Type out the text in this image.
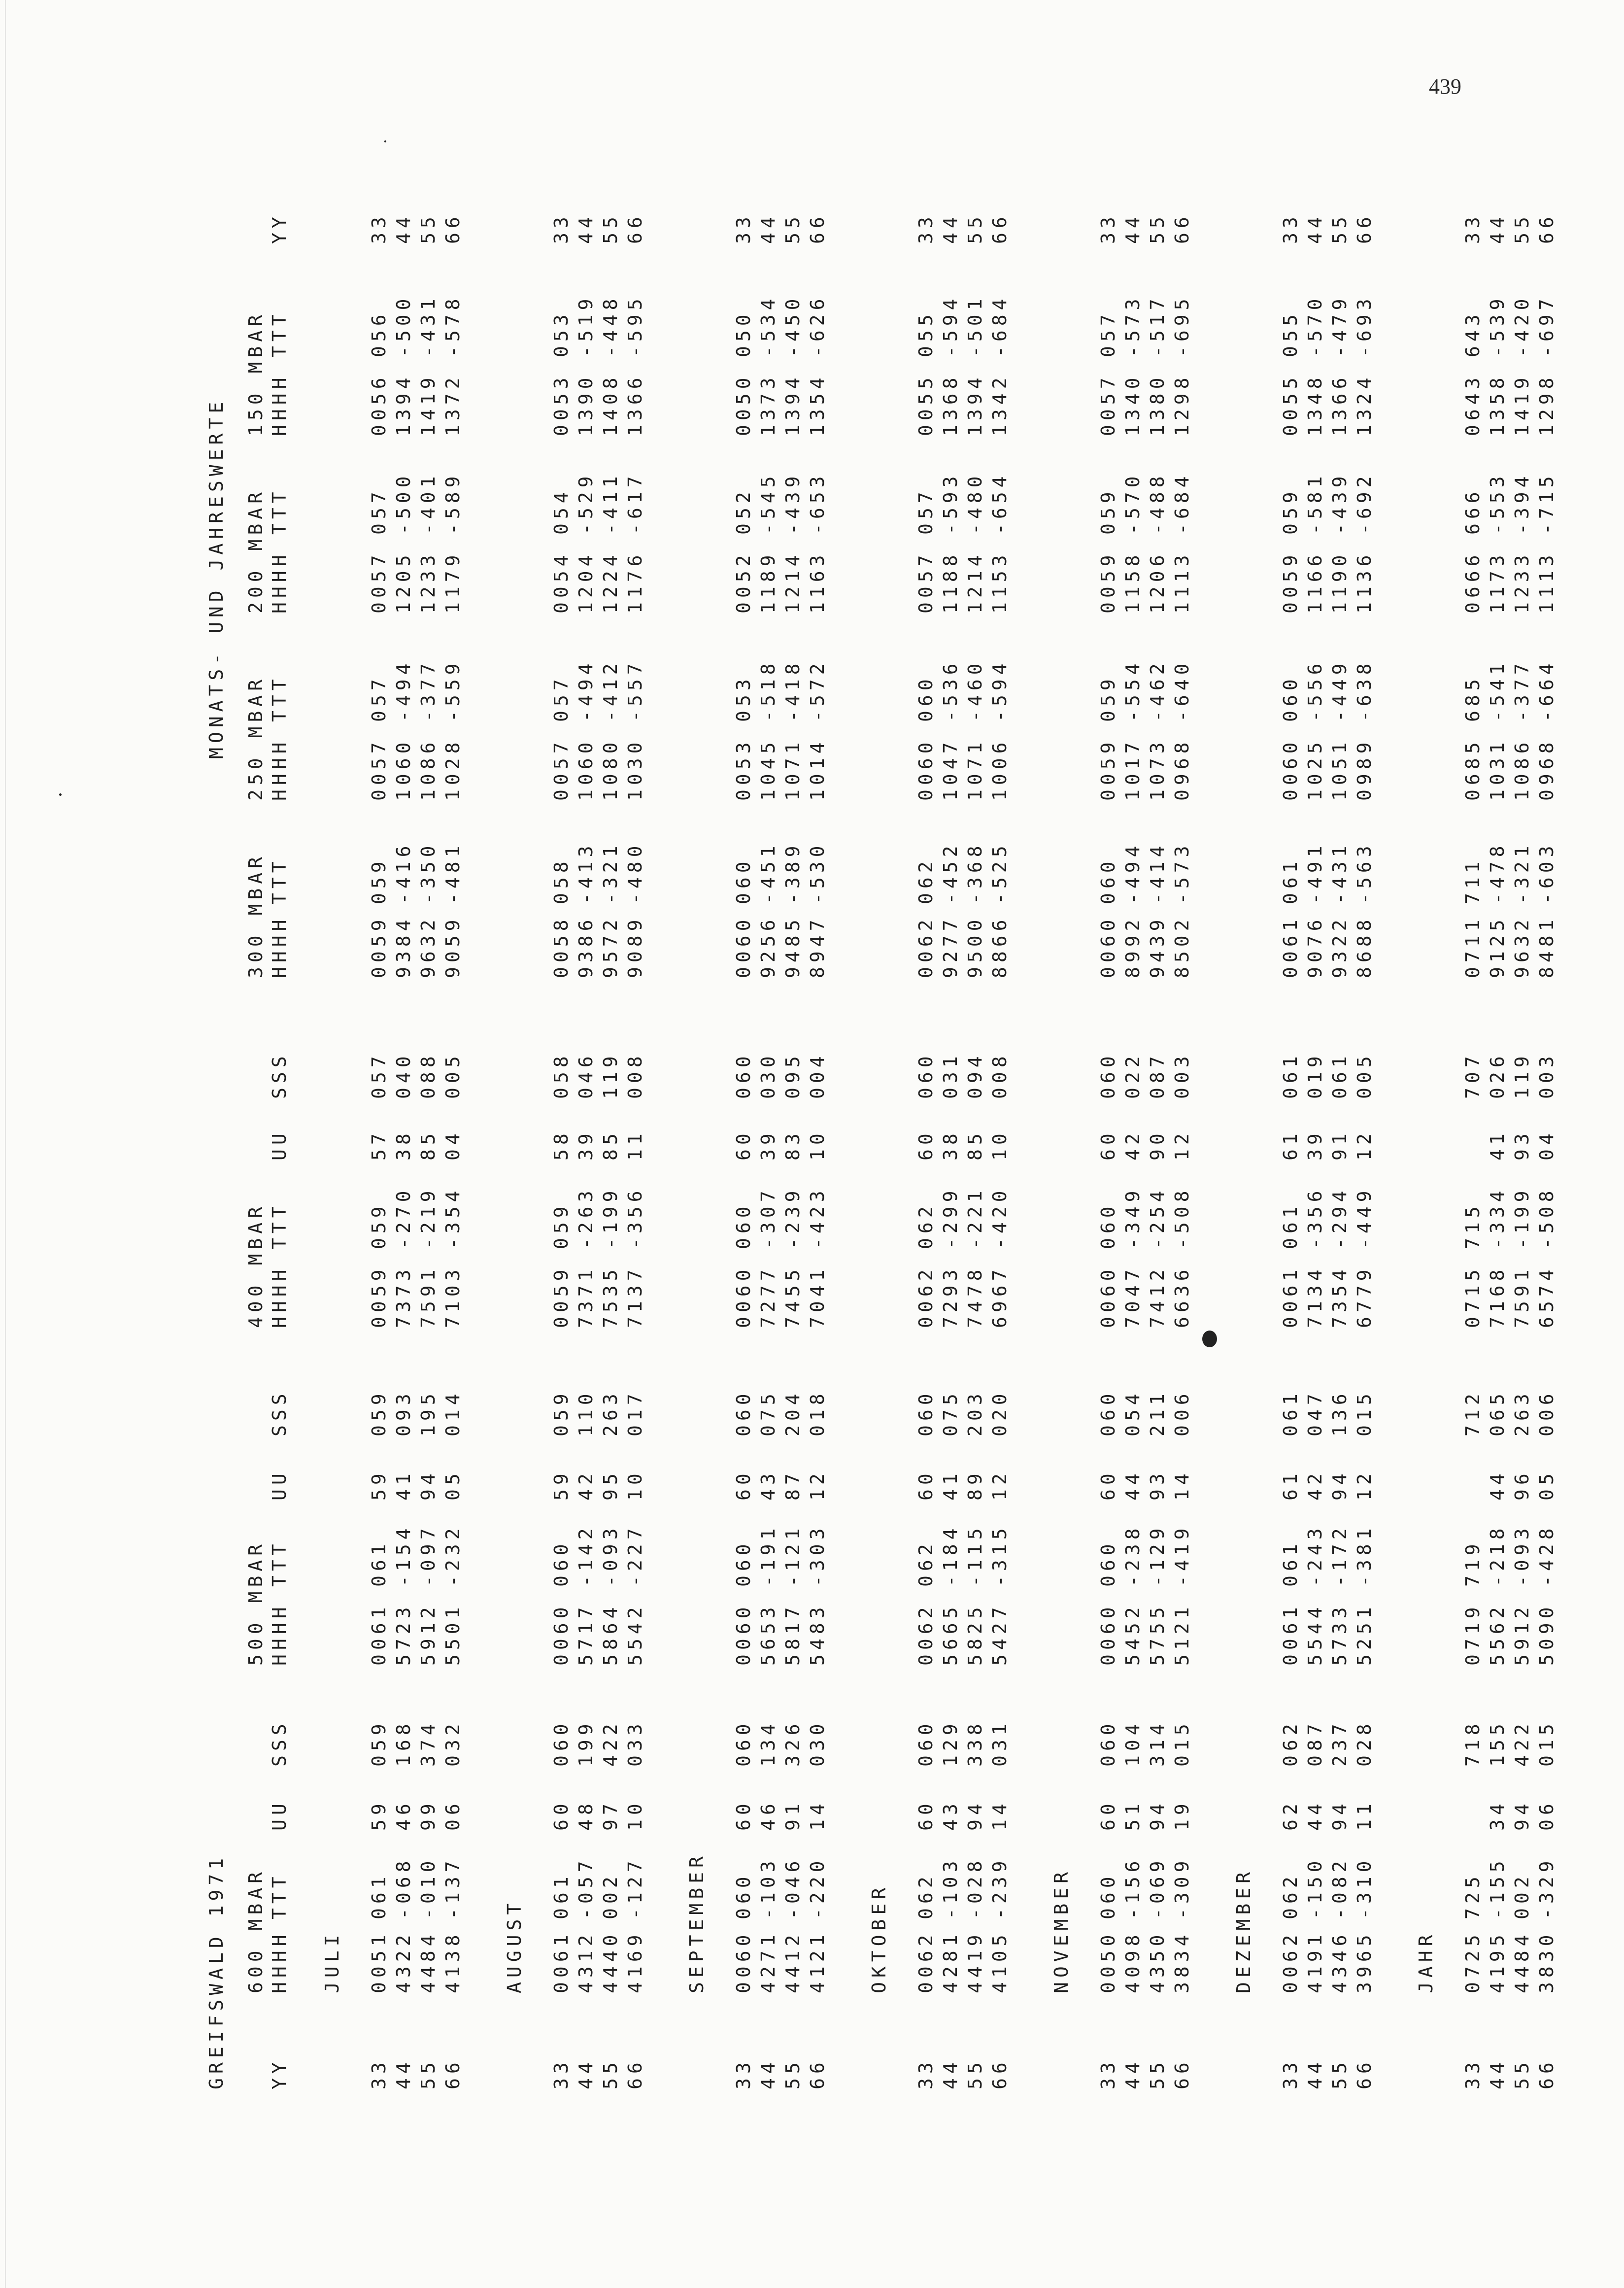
439
GREIFSWALD 1971
MONATS- UND JAHRESWERTE
600 MBAR HHHH
TTT
UU
SSS
500 MBAR HHHH
TTT
UU
SSS
400 MBAR HHHH
TTT
UU
SSS
300 MBAR HHHH
TTT
250 MBAR HHHH
TTT
200 MBAR HHHH
TTT
150 MBAR HHHH
TTT
YY
YY
JULI
33
0051
061
59
059
0061
061
59
059
0059
059
57
057
0059
059
0057
057
0057
057
0056
056
33
44
4322
-068
46
168
5723
-154
41
093
7373
-270
38
040
9384
-416
1060
-494
1205
-500
1394
-500
44
55
4484
-010
99
374
5912
-097
94
195
7591
-219
85
088
9632
-350
1086
-377
1233
-401
1419
-431
55
66
4138
-137
06
032
5501
-232
05
014
7103
-354
04
005
9059
-481
1028
-559
1179
-589
1372
-578
66
AUGUST
33
0061
061
60
060
0060
060
59
059
0059
059
58
058
0058
058
0057
057
0054
054
0053
053
33
44
4312
-057
48
199
5717
-142
42
110
7371
-263
39
046
9386
-413
1060
-494
1204
-529
1390
-519
44
55
4440
002
97
422
5864
-093
95
263
7535
-199
85
119
9572
-321
1080
-412
1224
-411
1408
-448
55
66
4169
-127
10
033
5542
-227
10
017
7137
-356
11
008
9089
-480
1030
-557
1176
-617
1366
-595
66
SEPTEMBER
33
0060
060
60
060
0060
060
60
060
0060
060
60
060
0060
060
0053
053
0052
052
0050
050
33
44
4271
-103
46
134
5653
-191
43
075
7277
-307
39
030
9256
-451
1045
-518
1189
-545
1373
-534
44
55
4412
-046
91
326
5817
-121
87
204
7455
-239
83
095
9485
-389
1071
-418
1214
-439
1394
-450
55
66
4121
-220
14
030
5483
-303
12
018
7041
-423
10
004
8947
-530
1014
-572
1163
-653
1354
-626
66
OKTOBER
33
0062
062
60
060
0062
062
60
060
0062
062
60
060
0062
062
0060
060
0057
057
0055
055
33
44
4281
-103
43
129
5665
-184
41
075
7293
-299
38
031
9277
-452
1047
-536
1188
-593
1368
-594
44
55
4419
-028
94
338
5825
-115
89
203
7478
-221
85
094
9500
-368
1071
-460
1214
-480
1394
-501
55
66
4105
-239
14
031
5427
-315
12
020
6967
-420
10
008
8866
-525
1006
-594
1153
-654
1342
-684
66
NOVEMBER
33
0050
060
60
060
0060
060
60
060
0060
060
60
060
0060
060
0059
059
0059
059
0057
057
33
44
4098
-156
51
104
5452
-238
44
054
7047
-349
42
022
8992
-494
1017
-554
1158
-570
1340
-573
44
55
4350
-069
94
314
5755
-129
93
211
7412
-254
90
087
9439
-414
1073
-462
1206
-488
1380
-517
55
66
3834
-309
19
015
5121
-419
14
006
6636
-508
12
003
8502
-573
0968
-640
1113
-684
1298
-695
66
DEZEMBER
33
0062
062
62
062
0061
061
61
061
0061
061
61
061
0061
061
0060
060
0059
059
0055
055
33
44
4191
-150
44
087
5544
-243
42
047
7134
-356
39
019
9076
-491
1025
-556
1166
-581
1348
-570
44
55
4346
-082
94
237
5733
-172
94
136
7354
-294
91
061
9322
-431
1051
-449
1190
-439
1366
-479
55
66
3965
-310
11
028
5251
-381
12
015
6779
-449
12
005
8688
-563
0989
-638
1136
-692
1324
-693
66
JAHR
33
0725
725
718
0719
719
712
0715
715
707
0711
711
0685
685
0666
666
0643
643
33
44
4195
-155
34
155
5562
-218
44
065
7168
-334
41
026
9125
-478
1031
-541
1173
-553
1358
-539
44
55
4484
002
94
422
5912
-093
96
263
7591
-199
93
119
9632
-321
1086
-377
1233
-394
1419
-420
55
66
3830
-329
06
015
5090
-428
05
006
6574
-508
04
003
8481
-603
0968
-664
1113
-715
1298
-697
66
